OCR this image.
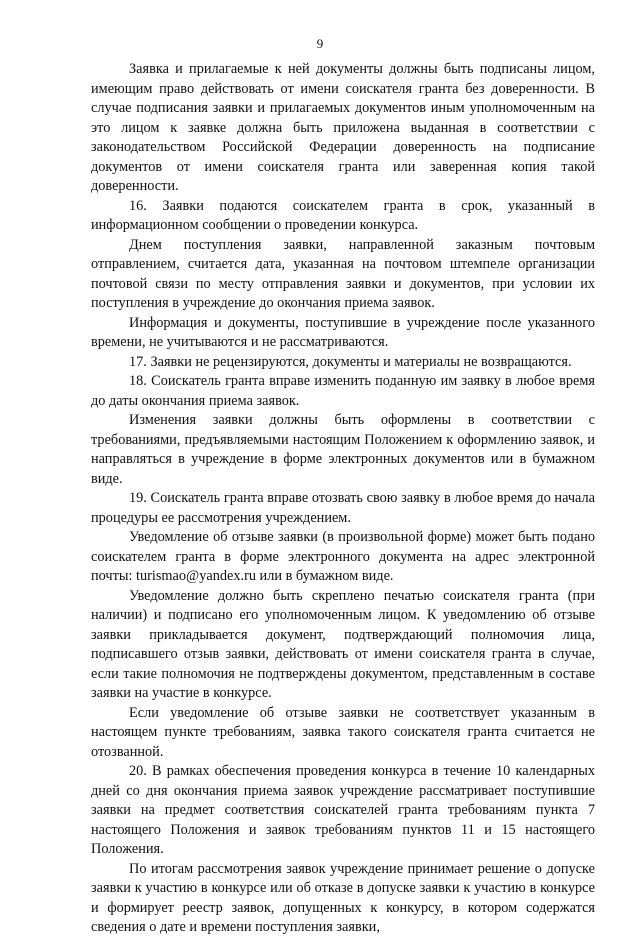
9

Заявка и прилагаемые к ней документы должны быть подписаны лицом, имеющим право действовать от имени соискателя гранта без доверенности. В случае подписания заявки и прилагаемых документов иным уполномоченным на это лицом к заявке должна быть приложена выданная в соответствии с законодательством Российской Федерации доверенность на подписание документов от имени соискателя гранта или заверенная копия такой доверенности.

16. Заявки подаются соискателем гранта в срок, указанный в информационном сообщении о проведении конкурса.

Днем поступления заявки, направленной заказным почтовым отправлением, считается дата, указанная на почтовом штемпеле организации почтовой связи по месту отправления заявки и документов, при условии их поступления в учреждение до окончания приема заявок.

Информация и документы, поступившие в учреждение после указанного времени, не учитываются и не рассматриваются.

17. Заявки не рецензируются, документы и материалы не возвращаются.

18. Соискатель гранта вправе изменить поданную им заявку в любое время до даты окончания приема заявок.

Изменения заявки должны быть оформлены в соответствии с требованиями, предъявляемыми настоящим Положением к оформлению заявок, и направляться в учреждение в форме электронных документов или в бумажном виде.

19. Соискатель гранта вправе отозвать свою заявку в любое время до начала процедуры ее рассмотрения учреждением.

Уведомление об отзыве заявки (в произвольной форме) может быть подано соискателем гранта в форме электронного документа на адрес электронной почты: turismao@yandex.ru или в бумажном виде.

Уведомление должно быть скреплено печатью соискателя гранта (при наличии) и подписано его уполномоченным лицом. К уведомлению об отзыве заявки прикладывается документ, подтверждающий полномочия лица, подписавшего отзыв заявки, действовать от имени соискателя гранта в случае, если такие полномочия не подтверждены документом, представленным в составе заявки на участие в конкурсе.

Если уведомление об отзыве заявки не соответствует указанным в настоящем пункте требованиям, заявка такого соискателя гранта считается не отозванной.

20. В рамках обеспечения проведения конкурса в течение 10 календарных дней со дня окончания приема заявок учреждение рассматривает поступившие заявки на предмет соответствия соискателей гранта требованиям пункта 7 настоящего Положения и заявок требованиям пунктов 11 и 15 настоящего Положения.

По итогам рассмотрения заявок учреждение принимает решение о допуске заявки к участию в конкурсе или об отказе в допуске заявки к участию в конкурсе и формирует реестр заявок, допущенных к конкурсу, в котором содержатся сведения о дате и времени поступления заявки,
